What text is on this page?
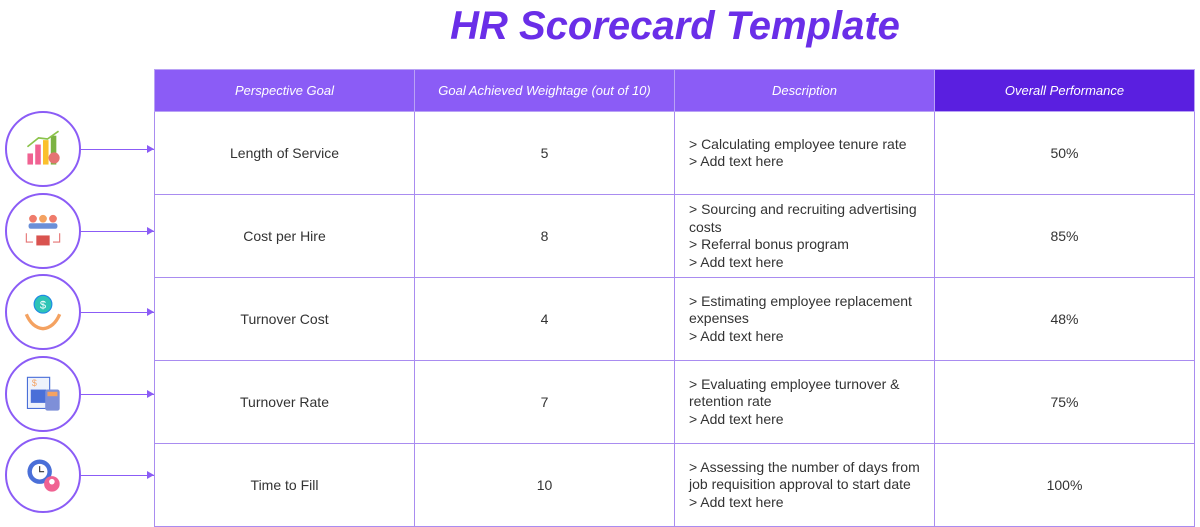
HR Scorecard Template
$
$
Perspective Goal	Goal Achieved Weightage (out of 10)	Description	Overall Performance
Length of Service	5	> Calculating employee tenure rate
> Add text here	50%
Cost per Hire	8	> Sourcing and recruiting advertising costs
> Referral bonus program
> Add text here	85%
Turnover Cost	4	> Estimating employee replacement expenses
> Add text here	48%
Turnover Rate	7	> Evaluating employee turnover & retention rate
> Add text here	75%
Time to Fill	10	> Assessing the number of days from job requisition approval to start date
> Add text here	100%
